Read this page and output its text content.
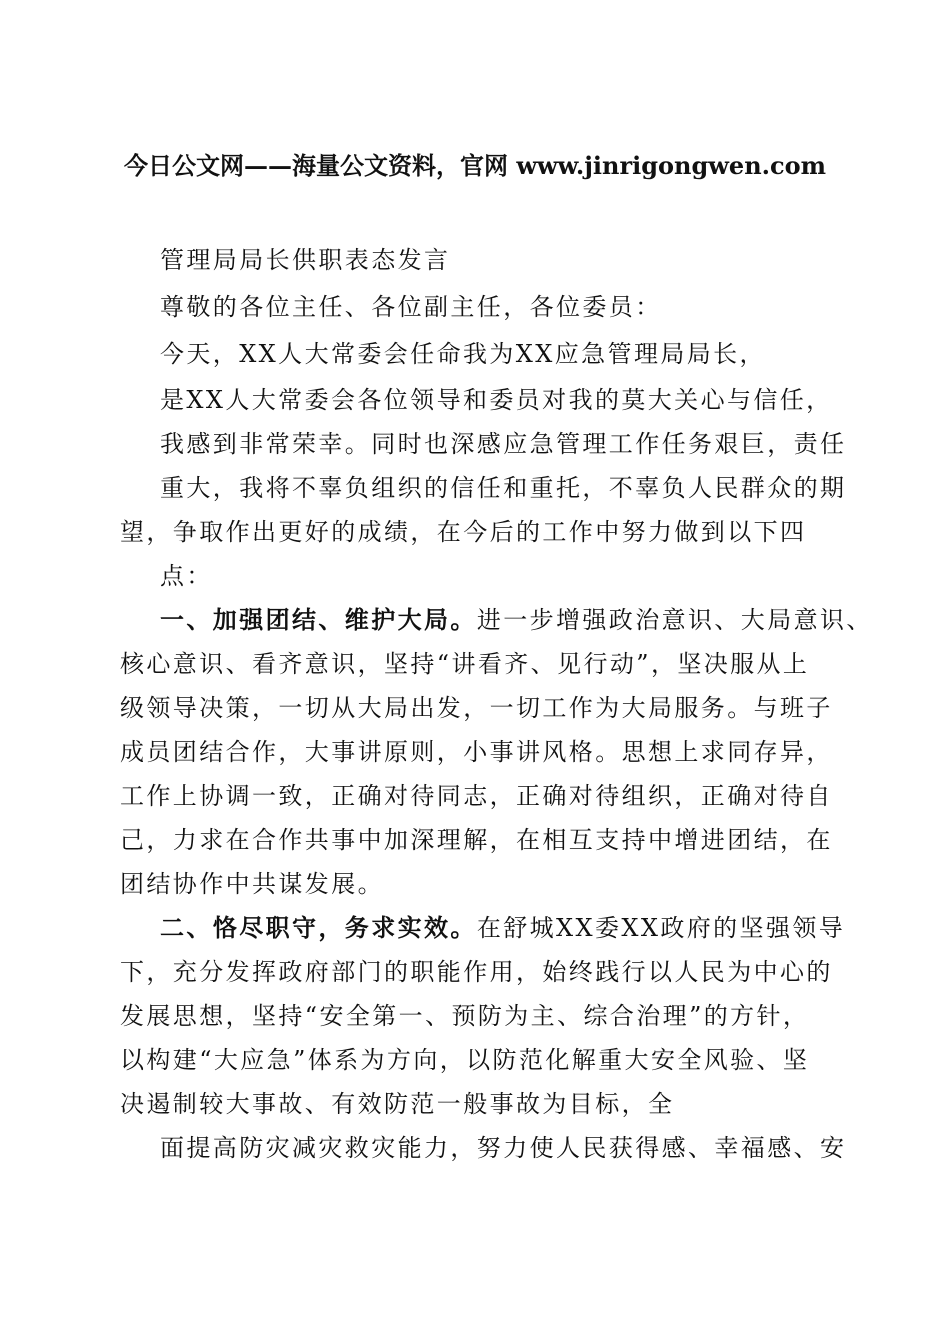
今日公文网——海量公文资料，官网 www.jinrigongwen.com
管理局局长供职表态发言
尊敬的各位主任、各位副主任，各位委员：
今天，XX人大常委会任命我为XX应急管理局局长，
是XX人大常委会各位领导和委员对我的莫大关心与信任，
我感到非常荣幸。同时也深感应急管理工作任务艰巨，责任
重大，我将不辜负组织的信任和重托，不辜负人民群众的期
望，争取作出更好的成绩，在今后的工作中努力做到以下四
点：
一、加强团结、维护大局。进一步增强政治意识、大局意识、
核心意识、看齐意识，坚持“讲看齐、见行动”，坚决服从上
级领导决策，一切从大局出发，一切工作为大局服务。与班子
成员团结合作，大事讲原则，小事讲风格。思想上求同存异，
工作上协调一致，正确对待同志，正确对待组织，正确对待自
己，力求在合作共事中加深理解，在相互支持中增进团结，在
团结协作中共谋发展。
二、恪尽职守，务求实效。在舒城XX委XX政府的坚强领导
下，充分发挥政府部门的职能作用，始终践行以人民为中心的
发展思想，坚持“安全第一、预防为主、综合治理”的方针，
以构建“大应急”体系为方向，以防范化解重大安全风验、坚
决遏制较大事故、有效防范一般事故为目标，全
面提高防灾减灾救灾能力，努力使人民获得感、幸福感、安
